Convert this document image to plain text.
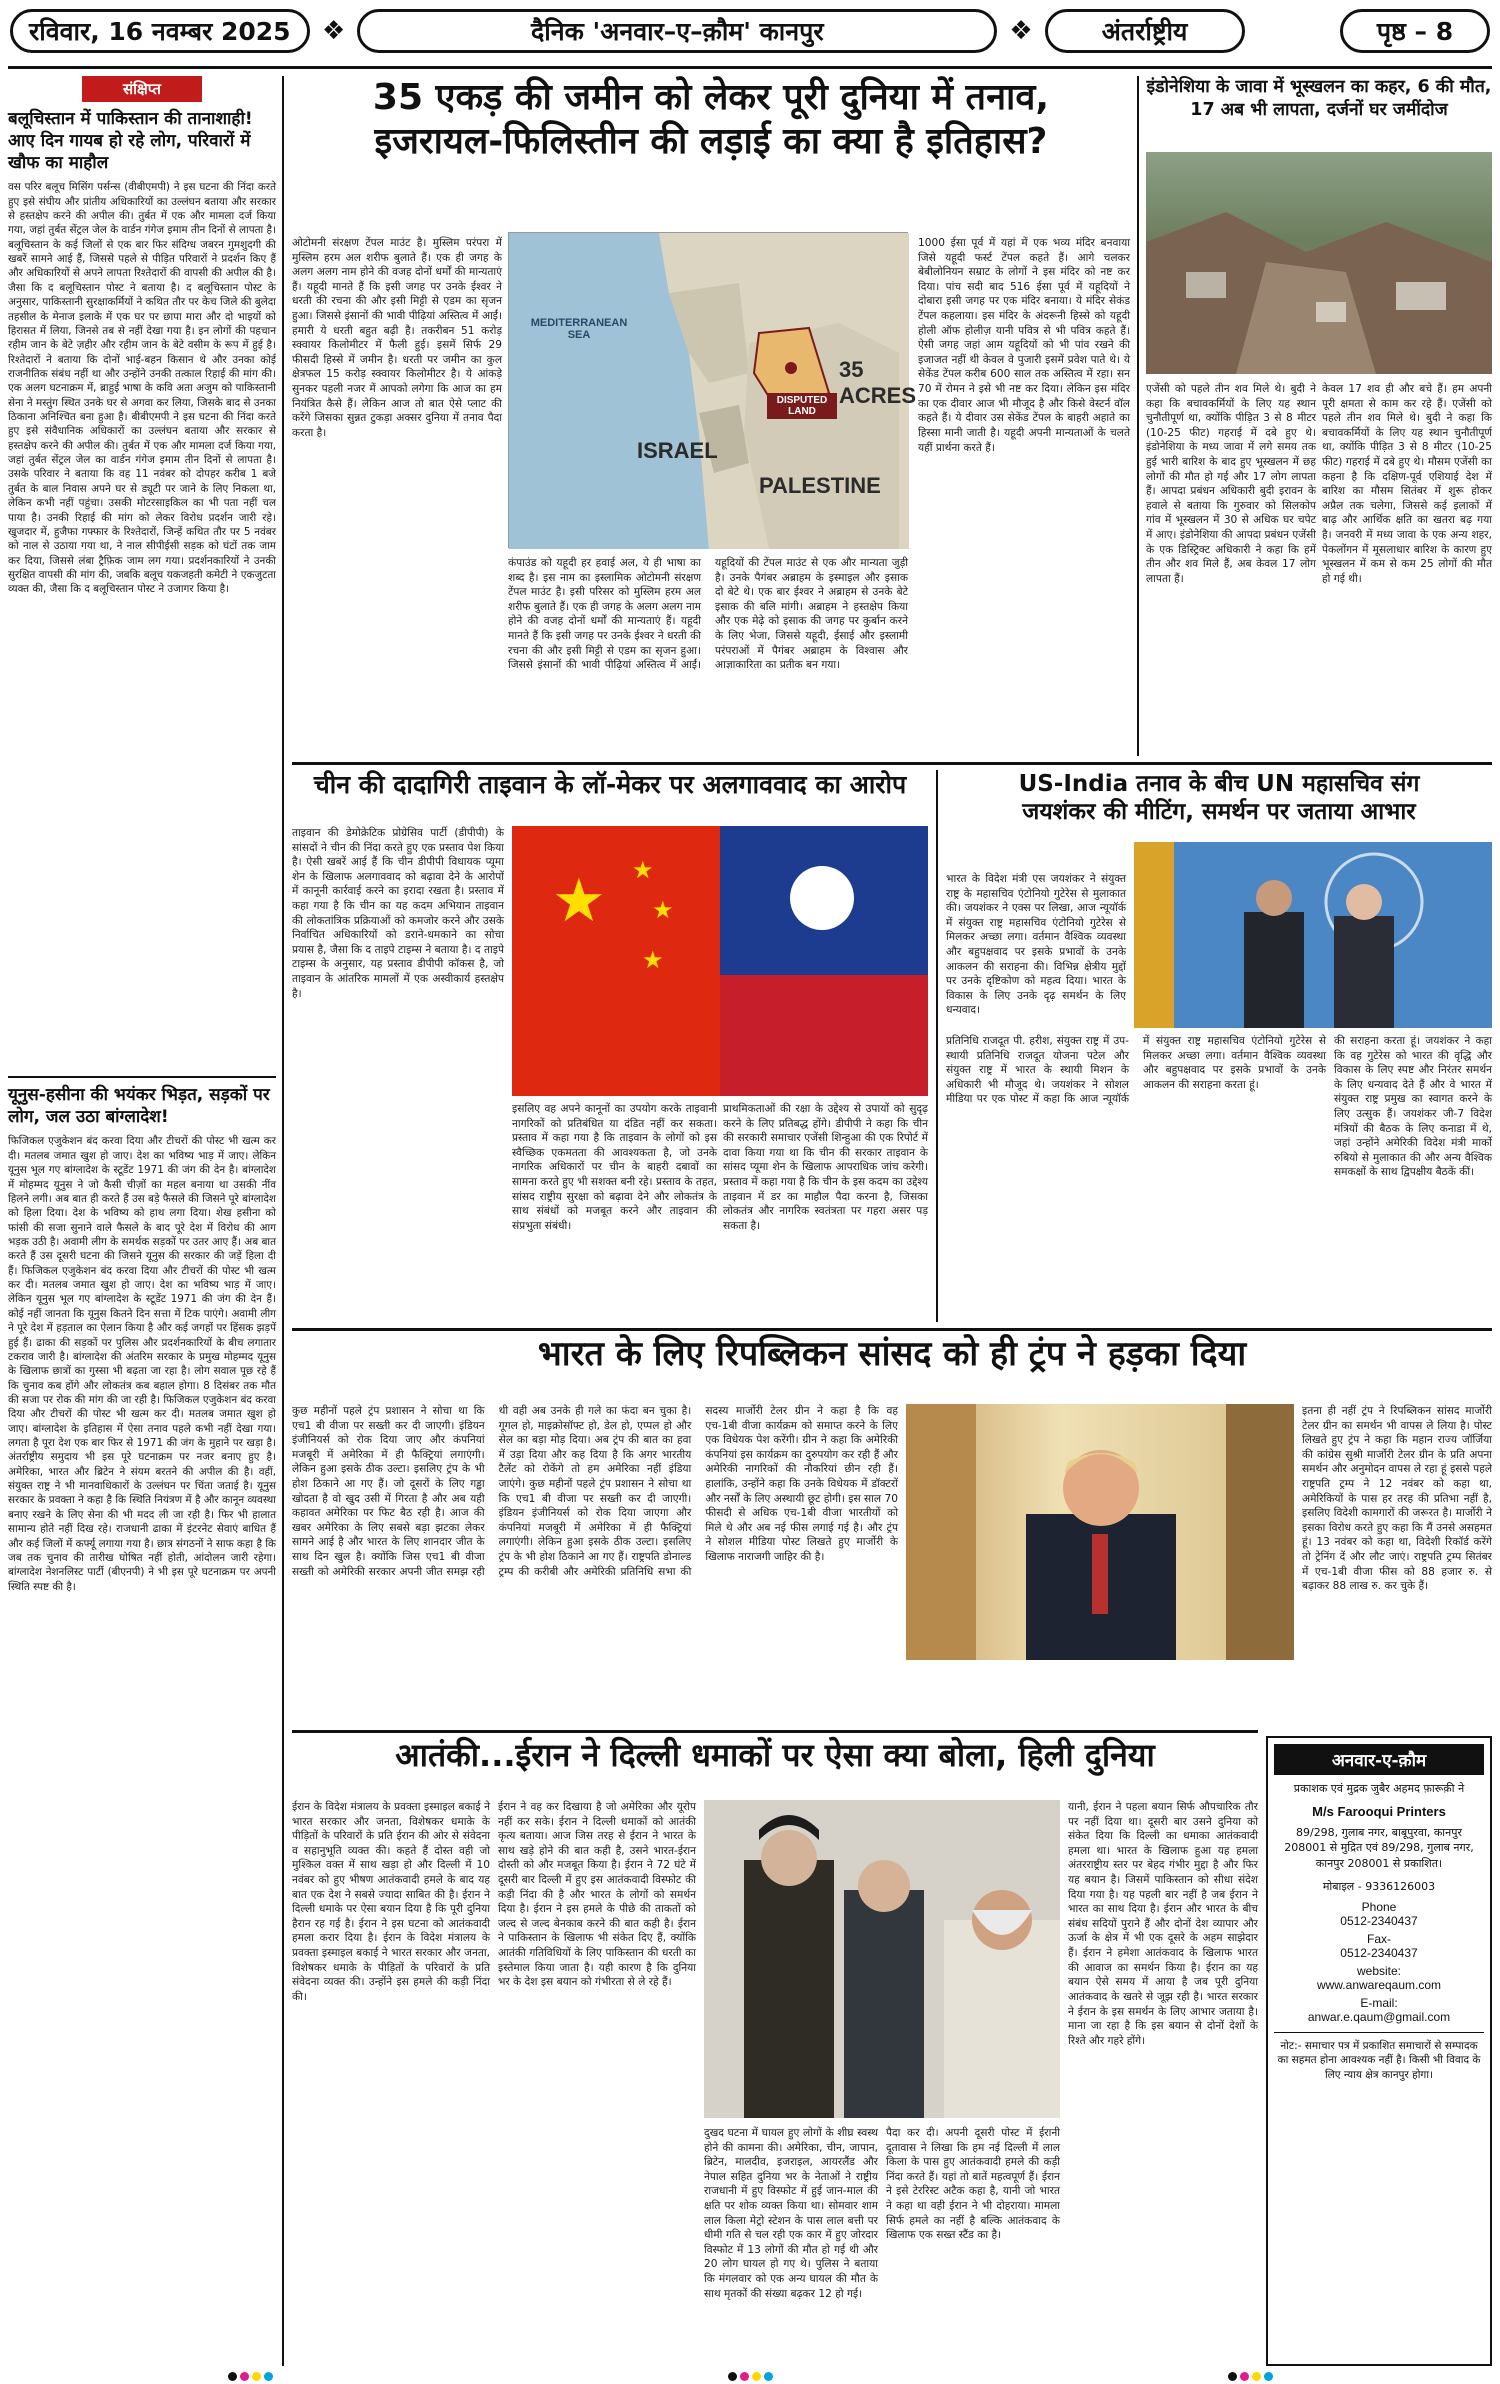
रविवार, 16 नवम्बर 2025 ❖	दैनिक 'अनवार–ए–क़ौम' कानपुर	❖	अंतर्राष्ट्रीय	पृष्ठ – 8
संक्षिप्त
बलूचिस्तान में पाकिस्तान की तानाशाही! आए दिन गायब हो रहे लोग, परिवारों में खौफ का माहौल
वस परिर बलूच मिसिंग पर्सन्स (वीबीएमपी) ने इस घटना की निंदा करते हुए इसे संघीय और प्रांतीय अधिकारियों का उल्लंघन बताया और सरकार से हस्तक्षेप करने की अपील की। तुर्बत में एक और मामला दर्ज किया गया, जहां तुर्बत सेंट्रल जेल के वार्डन गंगेज इमाम तीन दिनों से लापता है। बलूचिस्तान के कई जिलों से एक बार फिर संदिग्ध जबरन गुमशुदगी की खबरें सामने आई हैं, जिससे पहले से पीड़ित परिवारों ने प्रदर्शन किए हैं और अधिकारियों से अपने लापता रिश्तेदारों की वापसी की अपील की है। जैसा कि द बलूचिस्तान पोस्ट ने बताया है। द बलूचिस्तान पोस्ट के अनुसार, पाकिस्तानी सुरक्षाकर्मियों ने कथित तौर पर केच जिले की बुलेदा तहसील के मेनाज इलाके में एक घर पर छापा मारा और दो भाइयों को हिरासत में लिया, जिनसे तब से नहीं देखा गया है। इन लोगों की पहचान रहीम जान के बेटे ज़हीर और रहीम जान के बेटे वसीम के रूप में हुई है। रिश्तेदारों ने बताया कि दोनों भाई-बहन किसान थे और उनका कोई राजनीतिक संबंध नहीं था और उन्होंने उनकी तत्काल रिहाई की मांग की। एक अलग घटनाक्रम में, ब्राहुई भाषा के कवि अता अजुम को पाकिस्तानी सेना ने मस्तुंग स्थित उनके घर से अगवा कर लिया, जिसके बाद से उनका ठिकाना अनिश्चित बना हुआ है। बीबीएमपी ने इस घटना की निंदा करते हुए इसे संवैधानिक अधिकारों का उल्लंघन बताया और सरकार से हस्तक्षेप करने की अपील की। तुर्बत में एक और मामला दर्ज किया गया, जहां तुर्बत सेंट्रल जेल का वार्डन गंगेज इमाम तीन दिनों से लापता है। उसके परिवार ने बताया कि वह 11 नवंबर को दोपहर करीब 1 बजे तुर्बत के बाल निवास अपने घर से ड्यूटी पर जाने के लिए निकला था, लेकिन कभी नहीं पहुंचा। उसकी मोटरसाइकिल का भी पता नहीं चल पाया है। उनकी रिहाई की मांग को लेकर विरोध प्रदर्शन जारी रहे। खुजदार में, हुजैफा गफ्फार के रिश्तेदारों, जिन्हें कथित तौर पर 5 नवंबर को नाल से उठाया गया था, ने नाल सीपीईसी सड़क को घंटों तक जाम कर दिया, जिससे लंबा ट्रैफ़िक जाम लग गया। प्रदर्शनकारियों ने उनकी सुरक्षित वापसी की मांग की, जबकि बलूच यकजहती कमेटी ने एकजुटता व्यक्त की, जैसा कि द बलूचिस्तान पोस्ट ने उजागर किया है।
यूनुस-हसीना की भयंकर भिड़त, सड़कों पर लोग, जल उठा बांग्लादेश!
फिजिकल एजुकेशन बंद करवा दिया और टीचरों की पोस्ट भी खत्म कर दी। मतलब जमात खुश हो जाए। देश का भविष्य भाड़ में जाए। लेकिन यूनुस भूल गए बांग्लादेश के स्टूडेंट 1971 की जंग की देन है। बांग्लादेश में मोहम्मद यूनुस ने जो कैसी चीज़ों का महल बनाया था उसकी नींव हिलने लगी। अब बात ही करते हैं उस बड़े फैसले की जिसने पूरे बांग्लादेश को हिला दिया। देश के भविष्य को हाथ लगा दिया। शेख हसीना को फांसी की सजा सुनाने वाले फैसले के बाद पूरे देश में विरोध की आग भड़क उठी है। अवामी लीग के समर्थक सड़कों पर उतर आए हैं। अब बात करते हैं उस दूसरी घटना की जिसने यूनुस की सरकार की जड़ें हिला दी हैं। फिजिकल एजुकेशन बंद करवा दिया और टीचरों की पोस्ट भी खत्म कर दी। मतलब जमात खुश हो जाए। देश का भविष्य भाड़ में जाए। लेकिन यूनुस भूल गए बांग्लादेश के स्टूडेंट 1971 की जंग की देन हैं। कोई नहीं जानता कि यूनुस कितने दिन सत्ता में टिक पाएंगे। अवामी लीग ने पूरे देश में हड़ताल का ऐलान किया है और कई जगहों पर हिंसक झड़पें हुई हैं। ढाका की सड़कों पर पुलिस और प्रदर्शनकारियों के बीच लगातार टकराव जारी है। बांग्लादेश की अंतरिम सरकार के प्रमुख मोहम्मद यूनुस के खिलाफ छात्रों का गुस्सा भी बढ़ता जा रहा है। लोग सवाल पूछ रहे हैं कि चुनाव कब होंगे और लोकतंत्र कब बहाल होगा। 8 दिसंबर तक मौत की सजा पर रोक की मांग की जा रही है। फिजिकल एजुकेशन बंद करवा दिया और टीचरों की पोस्ट भी खत्म कर दी। मतलब जमात खुश हो जाए। बांग्लादेश के इतिहास में ऐसा तनाव पहले कभी नहीं देखा गया। लगता है पूरा देश एक बार फिर से 1971 की जंग के मुहाने पर खड़ा है। अंतर्राष्ट्रीय समुदाय भी इस पूरे घटनाक्रम पर नजर बनाए हुए है। अमेरिका, भारत और ब्रिटेन ने संयम बरतने की अपील की है। वहीं, संयुक्त राष्ट्र ने भी मानवाधिकारों के उल्लंघन पर चिंता जताई है। यूनुस सरकार के प्रवक्ता ने कहा है कि स्थिति नियंत्रण में है और कानून व्यवस्था बनाए रखने के लिए सेना की भी मदद ली जा रही है। फिर भी हालात सामान्य होते नहीं दिख रहे। राजधानी ढाका में इंटरनेट सेवाएं बाधित हैं और कई जिलों में कर्फ्यू लगाया गया है। छात्र संगठनों ने साफ कहा है कि जब तक चुनाव की तारीख घोषित नहीं होती, आंदोलन जारी रहेगा। बांग्लादेश नेशनलिस्ट पार्टी (बीएनपी) ने भी इस पूरे घटनाक्रम पर अपनी स्थिति स्पष्ट की है।
35 एकड़ की जमीन को लेकर पूरी दुनिया में तनाव,
इजरायल-फिलिस्तीन की लड़ाई का क्या है इतिहास?
ओटोमनी संरक्षण टेंपल माउंट है। मुस्लिम परंपरा में मुस्लिम हरम अल शरीफ बुलाते हैं। एक ही जगह के अलग अलग नाम होने की वजह दोनों धर्मों की मान्यताएं हैं। यहूदी मानते हैं कि इसी जगह पर उनके ईश्वर ने धरती की रचना की और इसी मिट्टी से एडम का सृजन हुआ। जिससे इंसानों की भावी पीढ़ियां अस्तित्व में आईं। हमारी ये धरती बहुत बढ़ी है। तकरीबन 51 करोड़ स्क्वायर किलोमीटर में फैली हुई। इसमें सिर्फ 29 फीसदी हिस्से में जमीन है। धरती पर जमीन का कुल क्षेत्रफल 15 करोड़ स्क्वायर किलोमीटर है। ये आंकड़े सुनकर पहली नजर में आपको लगेगा कि आज का हम नियंत्रित कैसे हैं। लेकिन आज तो बात ऐसे प्लाट की करेंगे जिसका सुन्नत टुकड़ा अक्सर दुनिया में तनाव पैदा करता है।
MEDITERRANEAN SEA
DISPUTED LAND
35 ACRES
ISRAEL
PALESTINE
कंपाउंड को यहूदी हर हवाई अल, ये ही भाषा का शब्द है। इस नाम का इस्लामिक ओटोमनी संरक्षण टेंपल माउंट है। इसी परिसर को मुस्लिम हरम अल शरीफ बुलाते हैं। एक ही जगह के अलग अलग नाम होने की वजह दोनों धर्मों की मान्यताएं हैं। यहूदी मानते हैं कि इसी जगह पर उनके ईश्वर ने धरती की रचना की और इसी मिट्टी से एडम का सृजन हुआ। जिससे इंसानों की भावी पीढ़ियां अस्तित्व में आईं। यहूदियों की टेंपल माउंट से एक और मान्यता जुड़ी है। उनके पैगंबर अब्राहम के इस्माइल और इसाक दो बेटे थे। एक बार ईश्वर ने अब्राहम से उनके बेटे इसाक की बलि मांगी। अब्राहम ने हस्तक्षेप किया और एक मेढ़े को इसाक की जगह पर कुर्बान करने के लिए भेजा, जिससे यहूदी, ईसाई और इस्लामी परंपराओं में पैगंबर अब्राहम के विश्वास और आज्ञाकारिता का प्रतीक बन गया।
1000 ईसा पूर्व में यहां में एक भव्य मंदिर बनवाया जिसे यहूदी फर्स्ट टेंपल कहते हैं। आगे चलकर बेबीलोनियन सम्राट के लोगों ने इस मंदिर को नष्ट कर दिया। पांच सदी बाद 516 ईसा पूर्व में यहूदियों ने दोबारा इसी जगह पर एक मंदिर बनाया। ये मंदिर सेकंड टेंपल कहलाया। इस मंदिर के अंदरूनी हिस्से को यहूदी होली ऑफ होलीज़ यानी पवित्र से भी पवित्र कहते हैं। ऐसी जगह जहां आम यहूदियों को भी पांव रखने की इजाजत नहीं थी केवल वे पुजारी इसमें प्रवेश पाते थे। ये सेकेंड टेंपल करीब 600 साल तक अस्तित्व में रहा। सन 70 में रोमन ने इसे भी नष्ट कर दिया। लेकिन इस मंदिर का एक दीवार आज भी मौजूद है और किसे वेस्टर्न वॉल कहते हैं। ये दीवार उस सेकेंड टेंपल के बाहरी अहाते का हिस्सा मानी जाती है। यहूदी अपनी मान्यताओं के चलते यहीं प्रार्थना करते हैं।
इंडोनेशिया के जावा में भूस्खलन का कहर, 6 की मौत, 17 अब भी लापता, दर्जनों घर जमींदोज
एजेंसी को पहले तीन शव मिले थे। बुदी ने कहा कि बचावकर्मियों के लिए यह स्थान चुनौतीपूर्ण था, क्योंकि पीड़ित 3 से 8 मीटर (10-25 फीट) गहराई में दबे हुए थे। इंडोनेशिया के मध्य जावा में लगे समय तक हुई भारी बारिश के बाद हुए भूस्खलन में छह लोगों की मौत हो गई और 17 लोग लापता हैं। आपदा प्रबंधन अधिकारी बुदी इरावन के हवाले से बताया कि गुरुवार को सिलकोप गांव में भूस्खलन में 30 से अधिक घर चपेट में आए। इंडोनेशिया की आपदा प्रबंधन एजेंसी के एक डिस्ट्रिक्ट अधिकारी ने कहा कि हमें तीन और शव मिले हैं, अब केवल 17 लोग लापता हैं।
केवल 17 शव ही और बचे हैं। हम अपनी पूरी क्षमता से काम कर रहे हैं। एजेंसी को पहले तीन शव मिले थे। बुदी ने कहा कि बचावकर्मियों के लिए यह स्थान चुनौतीपूर्ण था, क्योंकि पीड़ित 3 से 8 मीटर (10-25 फीट) गहराई में दबे हुए थे। मौसम एजेंसी का कहना है कि दक्षिण-पूर्व एशियाई देश में बारिश का मौसम सितंबर में शुरू होकर अप्रैल तक चलेगा, जिससे कई इलाकों में बाढ़ और आर्थिक क्षति का खतरा बढ़ गया है। जनवरी में मध्य जावा के एक अन्य शहर, पेकलोंगन में मूसलाधार बारिश के कारण हुए भूस्खलन में कम से कम 25 लोगों की मौत हो गई थी।
चीन की दादागिरी ताइवान के लॉ-मेकर पर अलगाववाद का आरोप
ताइवान की डेमोक्रेटिक प्रोग्रेसिव पार्टी (डीपीपी) के सांसदों ने चीन की निंदा करते हुए एक प्रस्ताव पेश किया है। ऐसी खबरें आई हैं कि चीन डीपीपी विधायक प्यूमा शेन के खिलाफ अलगाववाद को बढ़ावा देने के आरोपों में कानूनी कार्रवाई करने का इरादा रखता है। प्रस्ताव में कहा गया है कि चीन का यह कदम अभियान ताइवान की लोकतांत्रिक प्रक्रियाओं को कमजोर करने और उसके निर्वाचित अधिकारियों को डराने-धमकाने का सोचा प्रयास है, जैसा कि द ताइपे टाइम्स ने बताया है। द ताइपे टाइम्स के अनुसार, यह प्रस्ताव डीपीपी कॉकस है, जो ताइवान के आंतरिक मामलों में एक अस्वीकार्य हस्तक्षेप है।
★ ★
★
★
इसलिए वह अपने कानूनों का उपयोग करके ताइवानी नागरिकों को प्रतिबंधित या दंडित नहीं कर सकता। प्रस्ताव में कहा गया है कि ताइवान के लोगों को इस स्वैच्छिक एकमतता की आवश्यकता है, जो उनके नागरिक अधिकारों पर चीन के बाहरी दबावों का सामना करते हुए भी सशक्त बनी रहे। प्रस्ताव के तहत, सांसद राष्ट्रीय सुरक्षा को बढ़ावा देने और लोकतंत्र के साथ संबंधों को मजबूत करने और ताइवान की संप्रभुता संबंधी।
प्राथमिकताओं की रक्षा के उद्देश्य से उपायों को सुदृढ़ करने के लिए प्रतिबद्ध होंगे। डीपीपी ने कहा कि चीन की सरकारी समाचार एजेंसी शिन्हुआ की एक रिपोर्ट में दावा किया गया था कि चीन की सरकार ताइवान के सांसद प्यूमा शेन के खिलाफ आपराधिक जांच करेगी। प्रस्ताव में कहा गया है कि चीन के इस कदम का उद्देश्य ताइवान में डर का माहौल पैदा करना है, जिसका लोकतंत्र और नागरिक स्वतंत्रता पर गहरा असर पड़ सकता है।
US-India तनाव के बीच UN महासचिव संग
जयशंकर की मीटिंग, समर्थन पर जताया आभार
भारत के विदेश मंत्री एस जयशंकर ने संयुक्त राष्ट्र के महासचिव एंटोनियो गुटेरेस से मुलाकात की। जयशंकर ने एक्स पर लिखा, आज न्यूयॉर्क में संयुक्त राष्ट्र महासचिव एंटोनियो गुटेरेस से मिलकर अच्छा लगा। वर्तमान वैश्विक व्यवस्था और बहुपक्षवाद पर इसके प्रभावों के उनके आकलन की सराहना की। विभिन्न क्षेत्रीय मुद्दों पर उनके दृष्टिकोण को महत्व दिया। भारत के विकास के लिए उनके दृढ़ समर्थन के लिए धन्यवाद।
प्रतिनिधि राजदूत पी. हरीश, संयुक्त राष्ट्र में उप-स्थायी प्रतिनिधि राजदूत योजना पटेल और संयुक्त राष्ट्र में भारत के स्थायी मिशन के अधिकारी भी मौजूद थे। जयशंकर ने सोशल मीडिया पर एक पोस्ट में कहा कि आज न्यूयॉर्क में संयुक्त राष्ट्र महासचिव एंटोनियो गुटेरेस से मिलकर अच्छा लगा। वर्तमान वैश्विक व्यवस्था और बहुपक्षवाद पर इसके प्रभावों के उनके आकलन की सराहना करता हूं।
की सराहना करता हूं। जयशंकर ने कहा कि वह गुटेरेस को भारत की वृद्धि और विकास के लिए स्पष्ट और निरंतर समर्थन के लिए धन्यवाद देते हैं और वे भारत में संयुक्त राष्ट्र प्रमुख का स्वागत करने के लिए उत्सुक हैं। जयशंकर जी-7 विदेश मंत्रियों की बैठक के लिए कनाडा में थे, जहां उन्होंने अमेरिकी विदेश मंत्री मार्को रुबियो से मुलाकात की और अन्य वैश्विक समकक्षों के साथ द्विपक्षीय बैठकें कीं।
भारत के लिए रिपब्लिकन सांसद को ही ट्रंप ने हड़का दिया
कुछ महीनों पहले ट्रंप प्रशासन ने सोचा था कि एच1 बी वीजा पर सख्ती कर दी जाएगी। इंडियन इंजीनियर्स को रोक दिया जाए और कंपनियां मजबूरी में अमेरिका में ही फैक्ट्रियां लगाएंगी। लेकिन हुआ इसके ठीक उल्टा। इसलिए ट्रंप के भी होश ठिकाने आ गए हैं। जो दूसरों के लिए गड्ढा खोदता है वो खुद उसी में गिरता है और अब यही कहावत अमेरिका पर फिट बैठ रही है। आज की खबर अमेरिका के लिए सबसे बड़ा झटका लेकर सामने आई है और भारत के लिए शानदार जीत के साथ दिन खुल है। क्योंकि जिस एच1 बी वीजा सख्ती को अमेरिकी सरकार अपनी जीत समझ रही थी वही अब उनके ही गले का फंदा बन चुका है। गूगल हो, माइक्रोसॉफ्ट हो, डेल हो, एप्पल हो और सेल का बड़ा मोड़ दिया। अब ट्रंप की बात का हवा में उड़ा दिया और कह दिया है कि अगर भारतीय टैलेंट को रोकेंगे तो हम अमेरिका नहीं इंडिया जाएंगे। कुछ महीनों पहले ट्रंप प्रशासन ने सोचा था कि एच1 बी वीजा पर सख्ती कर दी जाएगी। इंडियन इंजीनियर्स को रोक दिया जाएगा और कंपनियां मजबूरी में अमेरिका में ही फैक्ट्रियां लगाएंगी। लेकिन हुआ इसके ठीक उल्टा। इसलिए ट्रंप के भी होश ठिकाने आ गए हैं। राष्ट्रपति डोनाल्ड ट्रम्प की करीबी और अमेरिकी प्रतिनिधि सभा की सदस्य मार्जोरी टेलर ग्रीन ने कहा है कि वह एच-1बी वीजा कार्यक्रम को समाप्त करने के लिए एक विधेयक पेश करेंगी। ग्रीन ने कहा कि अमेरिकी कंपनियां इस कार्यक्रम का दुरुपयोग कर रही हैं और अमेरिकी नागरिकों की नौकरियां छीन रही हैं। हालांकि, उन्होंने कहा कि उनके विधेयक में डॉक्टरों और नर्सों के लिए अस्थायी छूट होगी। इस साल 70 फीसदी से अधिक एच-1बी वीजा भारतीयों को मिले थे और अब नई फीस लगाई गई है। और ट्रंप ने सोशल मीडिया पोस्ट लिखते हुए मार्जोरी के खिलाफ नाराजगी जाहिर की है।
इतना ही नहीं ट्रंप ने रिपब्लिकन सांसद मार्जोरी टेलर ग्रीन का समर्थन भी वापस ले लिया है। पोस्ट लिखते हुए ट्रंप ने कहा कि महान राज्य जॉर्जिया की कांग्रेस सुश्री मार्जोरी टेलर ग्रीन के प्रति अपना समर्थन और अनुमोदन वापस ले रहा हूं इससे पहले राष्ट्रपति ट्रम्प ने 12 नवंबर को कहा था, अमेरिकियों के पास हर तरह की प्रतिभा नहीं है, इसलिए विदेशी कामगारों की जरूरत है। मार्जोरी ने इसका विरोध करते हुए कहा कि मैं उनसे असहमत हूं। 13 नवंबर को कहा था, विदेशी रिकॉर्ड करेंगे तो ट्रेनिंग दें और लौट जाएं। राष्ट्रपति ट्रम्प सितंबर में एच-1बी वीजा फीस को 88 हजार रु. से बढ़ाकर 88 लाख रु. कर चुके हैं।
आतंकी...ईरान ने दिल्ली धमाकों पर ऐसा क्या बोला, हिली दुनिया
ईरान के विदेश मंत्रालय के प्रवक्ता इस्माइल बकाई ने भारत सरकार और जनता, विशेषकर धमाके के पीड़ितों के परिवारों के प्रति ईरान की ओर से संवेदना व सहानुभूति व्यक्त की। कहते हैं दोस्त वही जो मुश्किल वक्त में साथ खड़ा हो और दिल्ली में 10 नवंबर को हुए भीषण आतंकवादी हमले के बाद यह बात एक देश ने सबसे ज्यादा साबित की है। ईरान ने दिल्ली धमाके पर ऐसा बयान दिया है कि पूरी दुनिया हैरान रह गई है। ईरान ने इस घटना को आतंकवादी हमला करार दिया है। ईरान के विदेश मंत्रालय के प्रवक्ता इस्माइल बकाई ने भारत सरकार और जनता, विशेषकर धमाके के पीड़ितों के परिवारों के प्रति संवेदना व्यक्त की। उन्होंने इस हमले की कड़ी निंदा की।
ईरान ने वह कर दिखाया है जो अमेरिका और यूरोप नहीं कर सके। ईरान ने दिल्ली धमाकों को आतंकी कृत्य बताया। आज जिस तरह से ईरान ने भारत के साथ खड़े होने की बात कही है, उसने भारत-ईरान दोस्ती को और मजबूत किया है। ईरान ने 72 घंटे में दूसरी बार दिल्ली में हुए इस आतंकवादी विस्फोट की कड़ी निंदा की है और भारत के लोगों को समर्थन दिया है। ईरान ने इस हमले के पीछे की ताकतों को जल्द से जल्द बेनकाब करने की बात कही है। ईरान ने पाकिस्तान के खिलाफ भी संकेत दिए हैं, क्योंकि आतंकी गतिविधियों के लिए पाकिस्तान की धरती का इस्तेमाल किया जाता है। यही कारण है कि दुनिया भर के देश इस बयान को गंभीरता से ले रहे हैं।
दुखद घटना में घायल हुए लोगों के शीघ्र स्वस्थ होने की कामना की। अमेरिका, चीन, जापान, ब्रिटेन, मालदीव, इजराइल, आयरलैंड और नेपाल सहित दुनिया भर के नेताओं ने राष्ट्रीय राजधानी में हुए विस्फोट में हुई जान-माल की क्षति पर शोक व्यक्त किया था। सोमवार शाम लाल किला मेट्रो स्टेशन के पास लाल बत्ती पर धीमी गति से चल रही एक कार में हुए जोरदार विस्फोट में 13 लोगों की मौत हो गई थी और 20 लोग घायल हो गए थे। पुलिस ने बताया कि मंगलवार को एक अन्य घायल की मौत के साथ मृतकों की संख्या बढ़कर 12 हो गई।
पैदा कर दी। अपनी दूसरी पोस्ट में ईरानी दूतावास ने लिखा कि हम नई दिल्ली में लाल किला के पास हुए आतंकवादी हमले की कड़ी निंदा करते हैं। यहां तो बातें महत्वपूर्ण हैं। ईरान ने इसे टेररिस्ट अटैक कहा है, यानी जो भारत ने कहा था वही ईरान ने भी दोहराया। मामला सिर्फ हमले का नहीं है बल्कि आतंकवाद के खिलाफ एक सख्त स्टैंड का है।
यानी, ईरान ने पहला बयान सिर्फ औपचारिक तौर पर नहीं दिया था। दूसरी बार उसने दुनिया को संकेत दिया कि दिल्ली का धमाका आतंकवादी हमला था। भारत के खिलाफ हुआ यह हमला अंतरराष्ट्रीय स्तर पर बेहद गंभीर मुद्दा है और फिर यह बयान है। जिसमें पाकिस्तान को सीधा संदेश दिया गया है। यह पहली बार नहीं है जब ईरान ने भारत का साथ दिया है। ईरान और भारत के बीच संबंध सदियों पुराने हैं और दोनों देश व्यापार और ऊर्जा के क्षेत्र में भी एक दूसरे के अहम साझेदार हैं। ईरान ने हमेशा आतंकवाद के खिलाफ भारत की आवाज का समर्थन किया है। ईरान का यह बयान ऐसे समय में आया है जब पूरी दुनिया आतंकवाद के खतरे से जूझ रही है। भारत सरकार ने ईरान के इस समर्थन के लिए आभार जताया है। माना जा रहा है कि इस बयान से दोनों देशों के रिश्ते और गहरे होंगे।
अनवार-ए-क़ौम
प्रकाशक एवं मुद्रक जुबैर अहमद फ़ारूक़ी ने
M/s Farooqui Printers
89/298, गुलाब नगर, बाबूपुरवा, कानपुर 208001 से मुद्रित एवं 89/298, गुलाब नगर, कानपुर 208001 से प्रकाशित।
मोबाइल - 9336126003
Phone
0512-2340437
Fax-
0512-2340437
website:
www.anwareqaum.com
E-mail:
anwar.e.qaum@gmail.com
नोट:- समाचार पत्र में प्रकाशित समाचारों से सम्पादक का सहमत होना आवश्यक नहीं है। किसी भी विवाद के लिए न्याय क्षेत्र कानपुर होगा।
